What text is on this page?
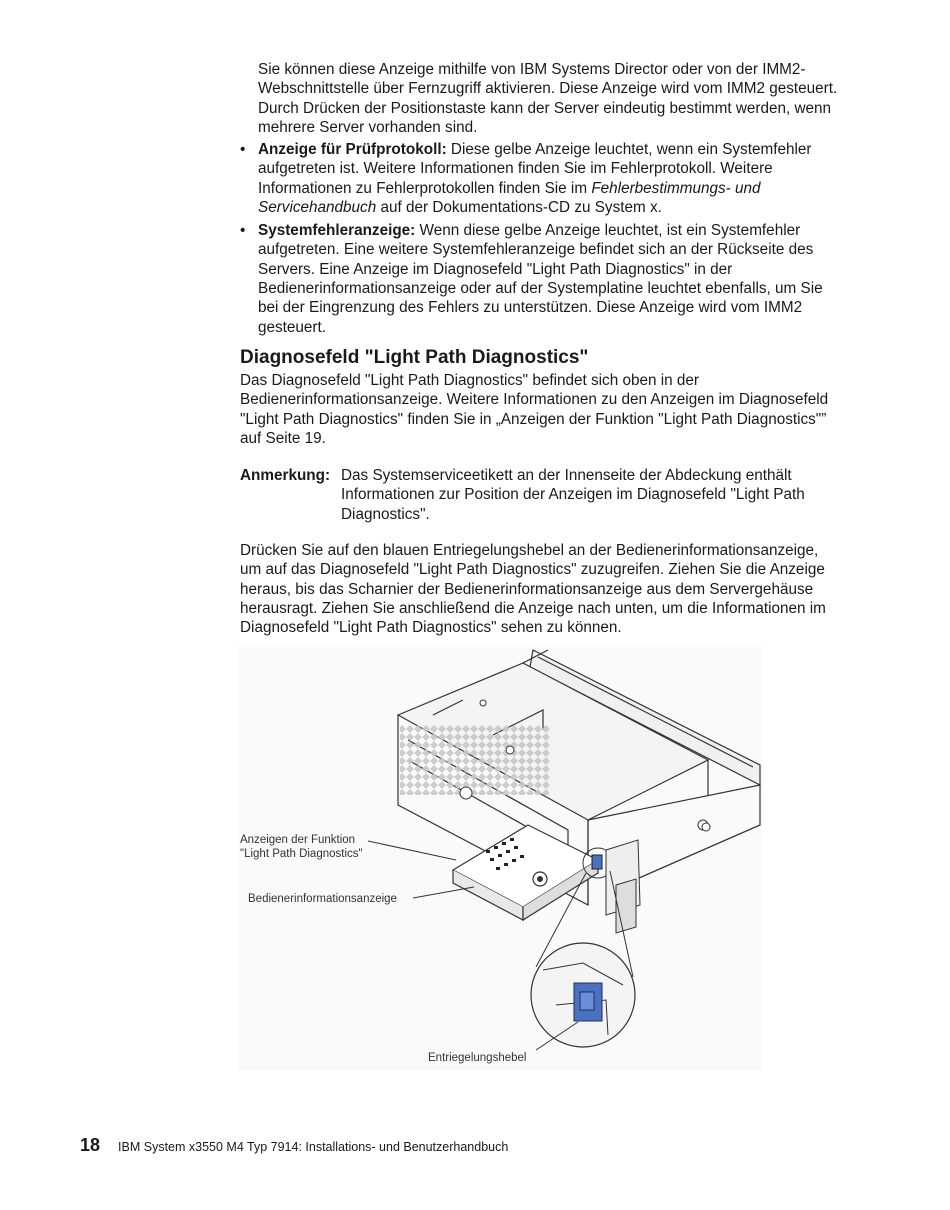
Sie können diese Anzeige mithilfe von IBM Systems Director oder von der IMM2-Webschnittstelle über Fernzugriff aktivieren. Diese Anzeige wird vom IMM2 gesteuert. Durch Drücken der Positionstaste kann der Server eindeutig bestimmt werden, wenn mehrere Server vorhanden sind.

• Anzeige für Prüfprotokoll: Diese gelbe Anzeige leuchtet, wenn ein Systemfehler aufgetreten ist. Weitere Informationen finden Sie im Fehlerprotokoll. Weitere Informationen zu Fehlerprotokollen finden Sie im Fehlerbestimmungs- und Servicehandbuch auf der Dokumentations-CD zu System x.
• Systemfehleranzeige: Wenn diese gelbe Anzeige leuchtet, ist ein Systemfehler aufgetreten. Eine weitere Systemfehleranzeige befindet sich an der Rückseite des Servers. Eine Anzeige im Diagnosefeld "Light Path Diagnostics" in der Bedienerinformationsanzeige oder auf der Systemplatine leuchtet ebenfalls, um Sie bei der Eingrenzung des Fehlers zu unterstützen. Diese Anzeige wird vom IMM2 gesteuert.
Diagnosefeld "Light Path Diagnostics"

Das Diagnosefeld "Light Path Diagnostics" befindet sich oben in der Bedienerinformationsanzeige. Weitere Informationen zu den Anzeigen im Diagnosefeld "Light Path Diagnostics" finden Sie in „Anzeigen der Funktion "Light Path Diagnostics"” auf Seite 19.

Anmerkung: Das Systemserviceetikett an der Innenseite der Abdeckung enthält Informationen zur Position der Anzeigen im Diagnosefeld "Light Path Diagnostics".

Drücken Sie auf den blauen Entriegelungshebel an der Bedienerinformationsanzeige, um auf das Diagnosefeld "Light Path Diagnostics" zuzugreifen. Ziehen Sie die Anzeige heraus, bis das Scharnier der Bedienerinformationsanzeige aus dem Servergehäuse herausragt. Ziehen Sie anschließend die Anzeige nach unten, um die Informationen im Diagnosefeld "Light Path Diagnostics" sehen zu können.

Anzeigen der Funktion
"Light Path Diagnostics"
Bedienerinformationsanzeige
Entriegelungshebel
18 IBM System x3550 M4 Typ 7914: Installations- und Benutzerhandbuch
